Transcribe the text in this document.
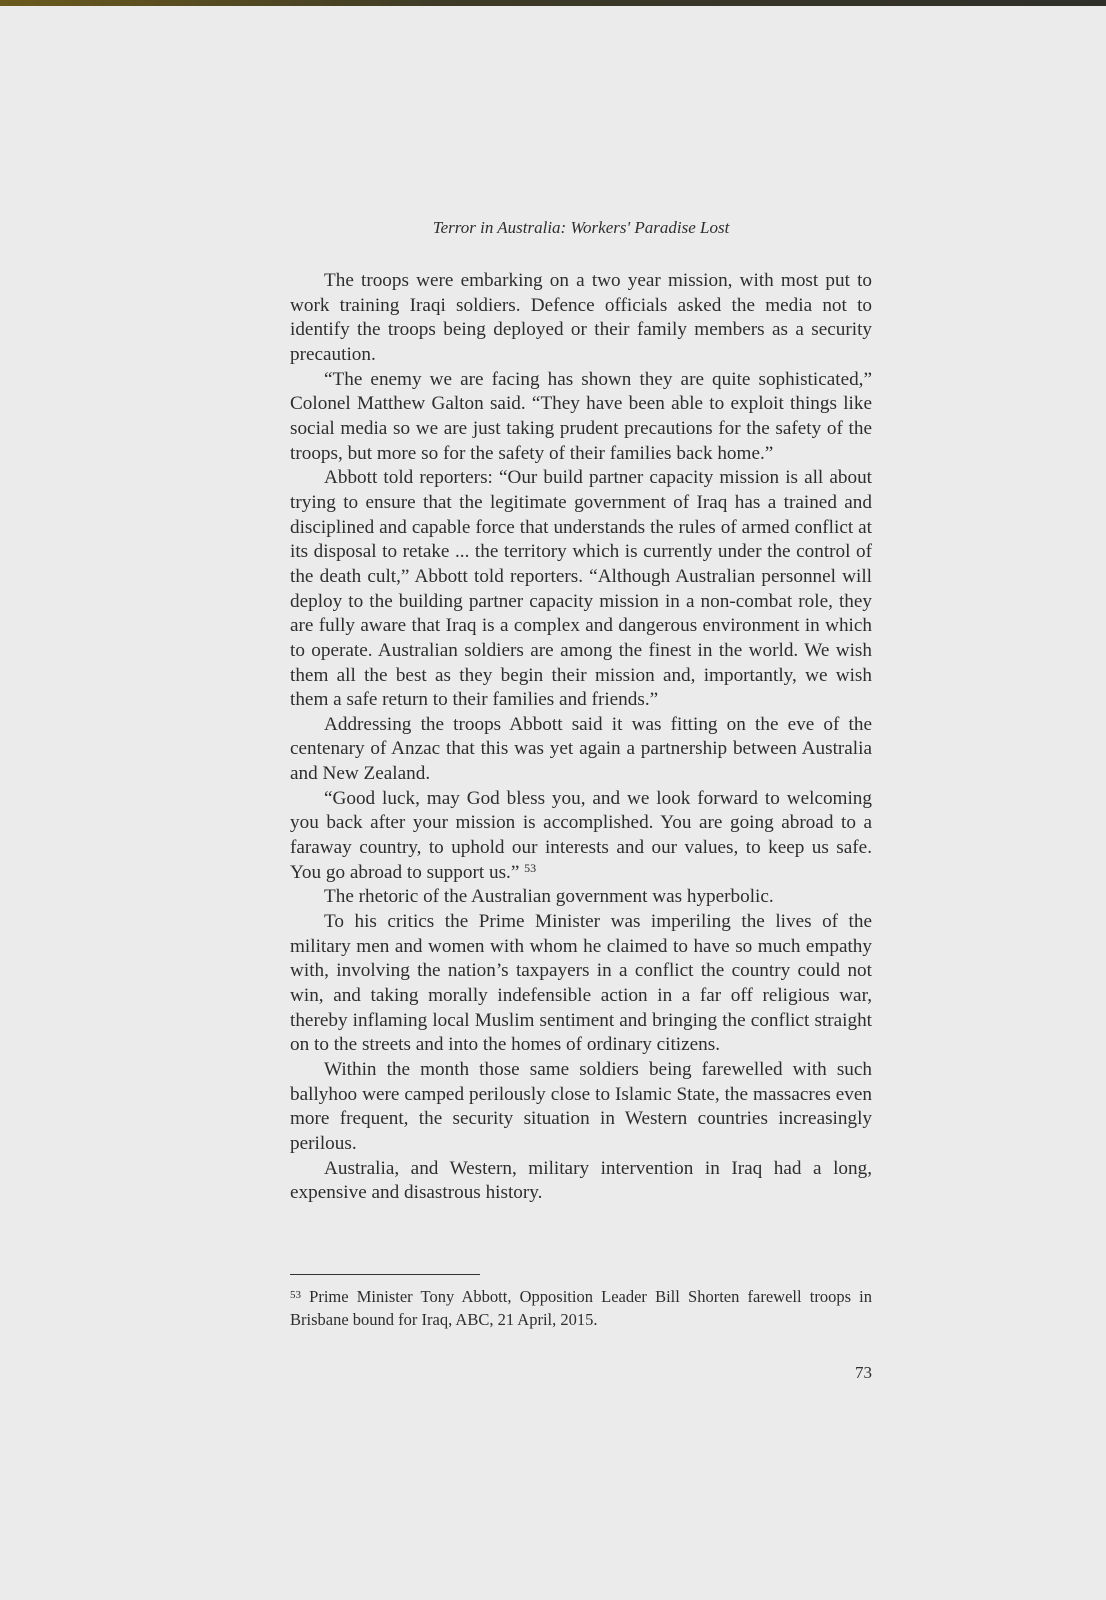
Terror in Australia: Workers' Paradise Lost

The troops were embarking on a two year mission, with most put to work training Iraqi soldiers. Defence officials asked the media not to identify the troops being deployed or their family members as a security precaution.

“The enemy we are facing has shown they are quite sophisticated,” Colonel Matthew Galton said. “They have been able to exploit things like social media so we are just taking prudent precautions for the safety of the troops, but more so for the safety of their families back home.”

Abbott told reporters: “Our build partner capacity mission is all about trying to ensure that the legitimate government of Iraq has a trained and disciplined and capable force that understands the rules of armed conflict at its disposal to retake ... the territory which is currently under the control of the death cult,” Abbott told reporters. “Although Australian personnel will deploy to the building partner capacity mission in a non-combat role, they are fully aware that Iraq is a complex and dangerous environment in which to operate. Australian soldiers are among the finest in the world. We wish them all the best as they begin their mission and, importantly, we wish them a safe return to their families and friends.”

Addressing the troops Abbott said it was fitting on the eve of the centenary of Anzac that this was yet again a partnership between Australia and New Zealand.

“Good luck, may God bless you, and we look forward to welcoming you back after your mission is accomplished. You are going abroad to a faraway country, to uphold our interests and our values, to keep us safe. You go abroad to support us.” $^{53}$

The rhetoric of the Australian government was hyperbolic.

To his critics the Prime Minister was imperiling the lives of the military men and women with whom he claimed to have so much empathy with, involving the nation’s taxpayers in a conflict the country could not win, and taking morally indefensible action in a far off religious war, thereby inflaming local Muslim sentiment and bringing the conflict straight on to the streets and into the homes of ordinary citizens.

Within the month those same soldiers being farewelled with such ballyhoo were camped perilously close to Islamic State, the massacres even more frequent, the security situation in Western countries increasingly perilous.

Australia, and Western, military intervention in Iraq had a long, expensive and disastrous history.

$^{53}$ Prime Minister Tony Abbott, Opposition Leader Bill Shorten farewell troops in Brisbane bound for Iraq, ABC, 21 April, 2015.
73
